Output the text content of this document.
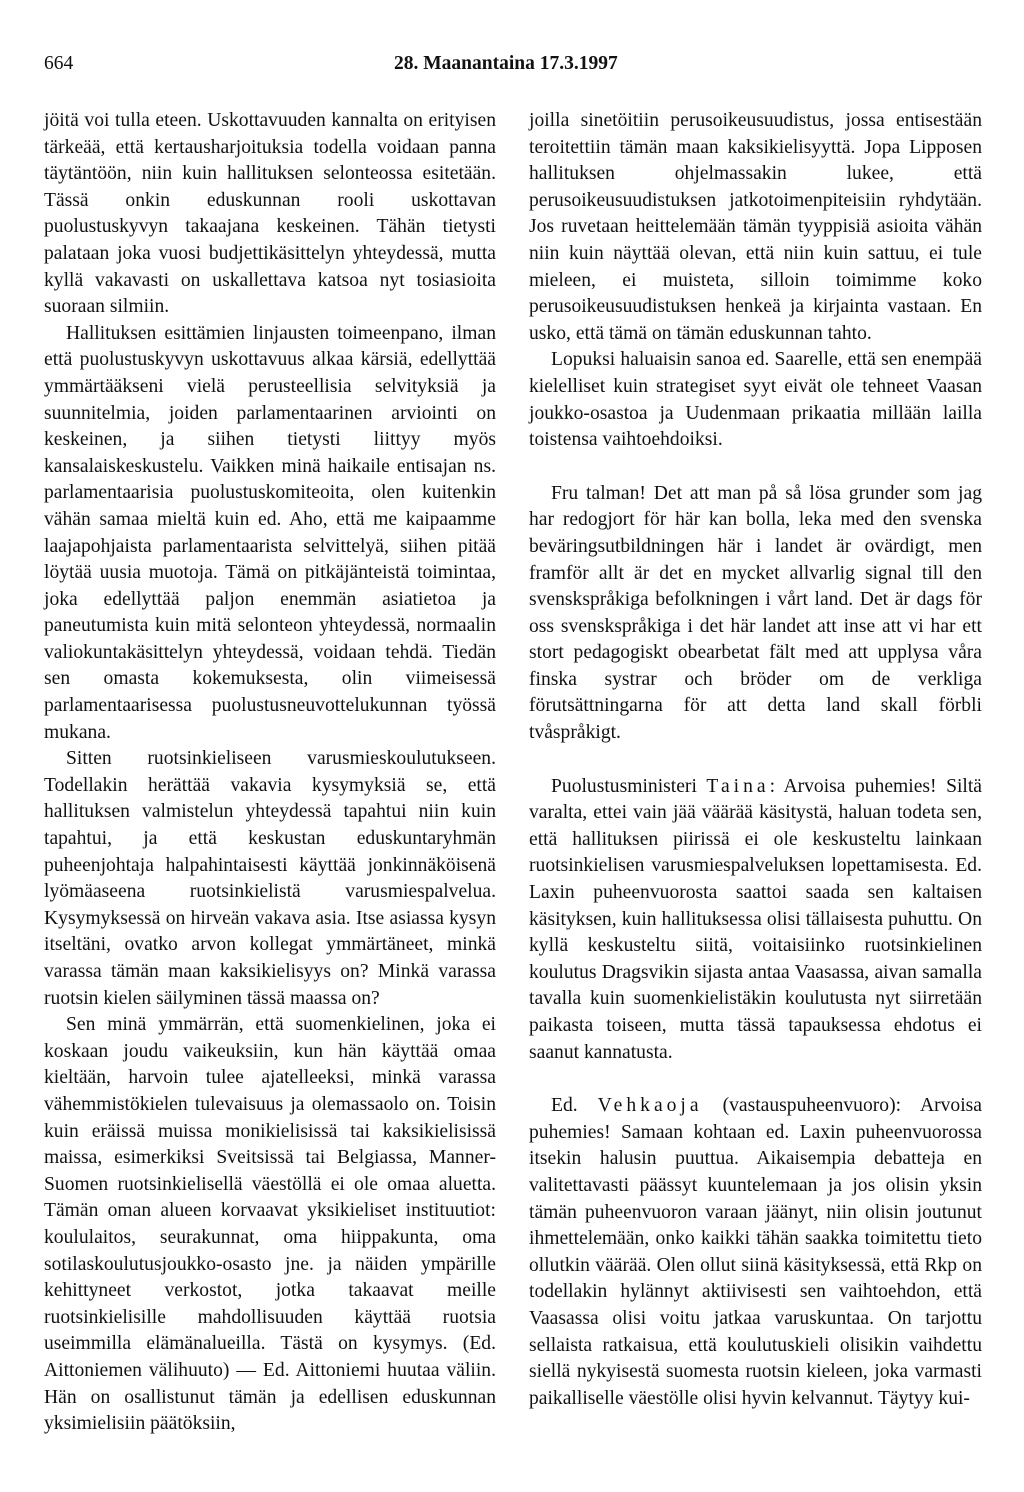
664	28. Maanantaina 17.3.1997

jöitä voi tulla eteen. Uskottavuuden kannalta on erityisen tärkeää, että kertausharjoituksia todella voidaan panna täytäntöön, niin kuin hallituksen selonteossa esitetään. Tässä onkin eduskunnan rooli uskottavan puolustuskyvyn takaajana keskeinen. Tähän tietysti palataan joka vuosi budjettikäsittelyn yhteydessä, mutta kyllä vakavasti on uskallettava katsoa nyt tosiasioita suoraan silmiin.

Hallituksen esittämien linjausten toimeenpano, ilman että puolustuskyvyn uskottavuus alkaa kärsiä, edellyttää ymmärtääkseni vielä perusteellisia selvityksiä ja suunnitelmia, joiden parlamentaarinen arviointi on keskeinen, ja siihen tietysti liittyy myös kansalaiskeskustelu. Vaikken minä haikaile entisajan ns. parlamentaarisia puolustuskomiteoita, olen kuitenkin vähän samaa mieltä kuin ed. Aho, että me kaipaamme laajapohjaista parlamentaarista selvittelyä, siihen pitää löytää uusia muotoja. Tämä on pitkäjänteistä toimintaa, joka edellyttää paljon enemmän asiatietoa ja paneutumista kuin mitä selonteon yhteydessä, normaalin valiokuntakäsittelyn yhteydessä, voidaan tehdä. Tiedän sen omasta kokemuksesta, olin viimeisessä parlamentaarisessa puolustusneuvottelukunnan työssä mukana.

Sitten ruotsinkieliseen varusmieskoulutukseen. Todellakin herättää vakavia kysymyksiä se, että hallituksen valmistelun yhteydessä tapahtui niin kuin tapahtui, ja että keskustan eduskuntaryhmän puheenjohtaja halpahintaisesti käyttää jonkinnäköisenä lyömäaseena ruotsinkielistä varusmiespalvelua. Kysymyksessä on hirveän vakava asia. Itse asiassa kysyn itseltäni, ovatko arvon kollegat ymmärtäneet, minkä varassa tämän maan kaksikielisyys on? Minkä varassa ruotsin kielen säilyminen tässä maassa on?

Sen minä ymmärrän, että suomenkielinen, joka ei koskaan joudu vaikeuksiin, kun hän käyttää omaa kieltään, harvoin tulee ajatelleeksi, minkä varassa vähemmistökielen tulevaisuus ja olemassaolo on. Toisin kuin eräissä muissa monikielisissä tai kaksikielisissä maissa, esimerkiksi Sveitsissä tai Belgiassa, Manner-Suomen ruotsinkielisellä väestöllä ei ole omaa aluetta. Tämän oman alueen korvaavat yksikieliset instituutiot: koululaitos, seurakunnat, oma hiippakunta, oma sotilaskoulutusjoukko-osasto jne. ja näiden ympärille kehittyneet verkostot, jotka takaavat meille ruotsinkielisille mahdollisuuden käyttää ruotsia useimmilla elämänalueilla. Tästä on kysymys. (Ed. Aittoniemen välihuuto) — Ed. Aittoniemi huutaa väliin. Hän on osallistunut tämän ja edellisen eduskunnan yksimielisiin päätöksiin,

joilla sinetöitiin perusoikeusuudistus, jossa entisestään teroitettiin tämän maan kaksikielisyyttä. Jopa Lipposen hallituksen ohjelmassakin lukee, että perusoikeusuudistuksen jatkotoimenpiteisiin ryhdytään. Jos ruvetaan heittelemään tämän tyyppisiä asioita vähän niin kuin näyttää olevan, että niin kuin sattuu, ei tule mieleen, ei muisteta, silloin toimimme koko perusoikeusuudistuksen henkeä ja kirjainta vastaan. En usko, että tämä on tämän eduskunnan tahto.

Lopuksi haluaisin sanoa ed. Saarelle, että sen enempää kielelliset kuin strategiset syyt eivät ole tehneet Vaasan joukko-osastoa ja Uudenmaan prikaatia millään lailla toistensa vaihtoehdoiksi.

Fru talman! Det att man på så lösa grunder som jag har redogjort för här kan bolla, leka med den svenska beväringsutbildningen här i landet är ovärdigt, men framför allt är det en mycket allvarlig signal till den svenskspråkiga befolkningen i vårt land. Det är dags för oss svenskspråkiga i det här landet att inse att vi har ett stort pedagogiskt obearbetat fält med att upplysa våra finska systrar och bröder om de verkliga förutsättningarna för att detta land skall förbli tvåspråkigt.

Puolustusministeri Taina: Arvoisa puhemies! Siltä varalta, ettei vain jää väärää käsitystä, haluan todeta sen, että hallituksen piirissä ei ole keskusteltu lainkaan ruotsinkielisen varusmiespalveluksen lopettamisesta. Ed. Laxin puheenvuorosta saattoi saada sen kaltaisen käsityksen, kuin hallituksessa olisi tällaisesta puhuttu. On kyllä keskusteltu siitä, voitaisiinko ruotsinkielinen koulutus Dragsvikin sijasta antaa Vaasassa, aivan samalla tavalla kuin suomenkielistäkin koulutusta nyt siirretään paikasta toiseen, mutta tässä tapauksessa ehdotus ei saanut kannatusta.

Ed. Vehkaoja (vastauspuheenvuoro): Arvoisa puhemies! Samaan kohtaan ed. Laxin puheenvuorossa itsekin halusin puuttua. Aikaisempia debatteja en valitettavasti päässyt kuuntelemaan ja jos olisin yksin tämän puheenvuoron varaan jäänyt, niin olisin joutunut ihmettelemään, onko kaikki tähän saakka toimitettu tieto ollutkin väärää. Olen ollut siinä käsityksessä, että Rkp on todellakin hylännyt aktiivisesti sen vaihtoehdon, että Vaasassa olisi voitu jatkaa varuskuntaa. On tarjottu sellaista ratkaisua, että koulutuskieli olisikin vaihdettu siellä nykyisestä suomesta ruotsin kieleen, joka varmasti paikalliselle väestölle olisi hyvin kelvannut. Täytyy kui-
